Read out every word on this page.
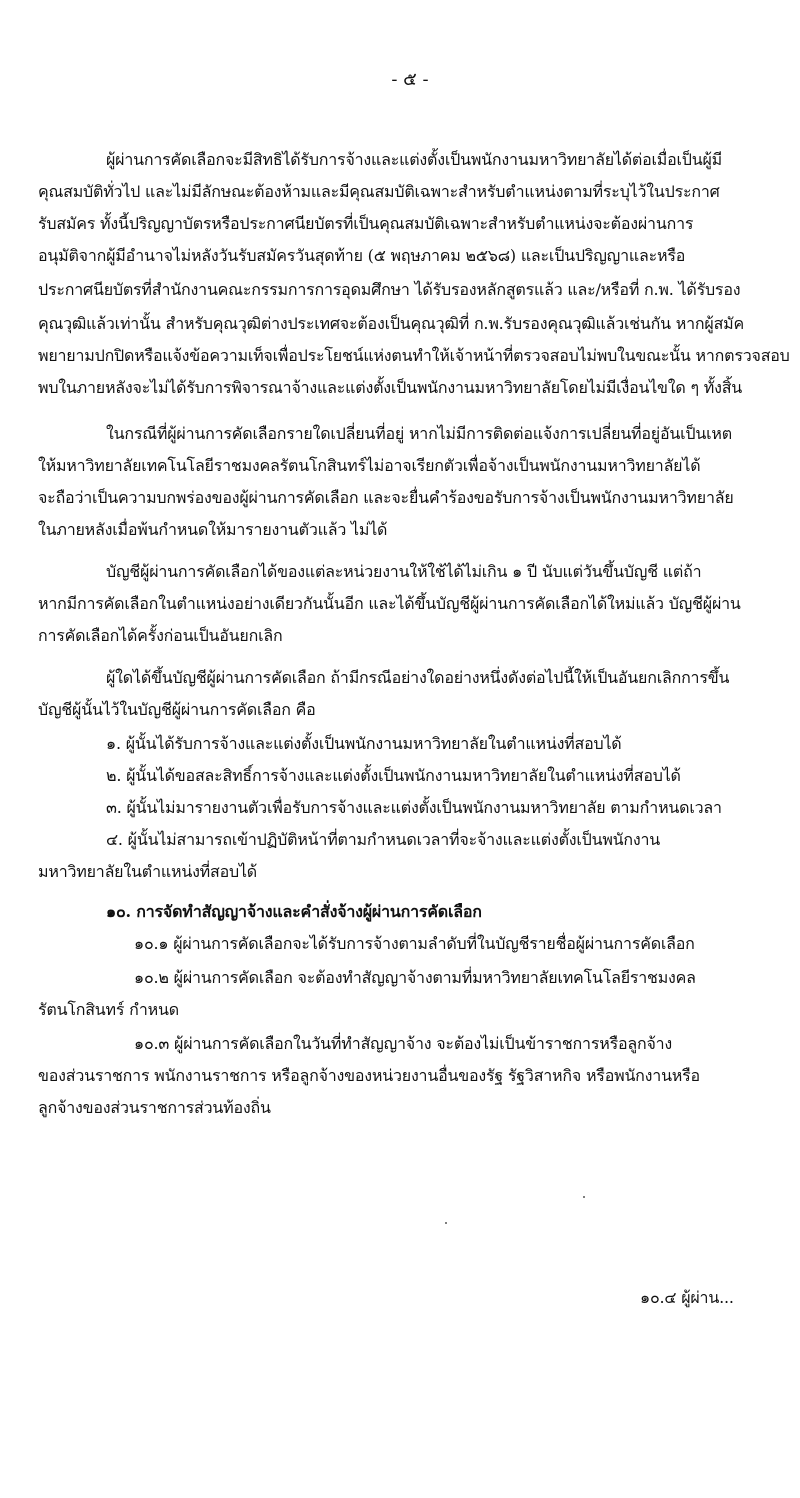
- ๕ -
ผู้ผ่านการคัดเลือกจะมีสิทธิได้รับการจ้างและแต่งตั้งเป็นพนักงานมหาวิทยาลัยได้ต่อเมื่อเป็นผู้มี
คุณสมบัติทั่วไป และไม่มีลักษณะต้องห้ามและมีคุณสมบัติเฉพาะสำหรับตำแหน่งตามที่ระบุไว้ในประกาศ
รับสมัคร ทั้งนี้ปริญญาบัตรหรือประกาศนียบัตรที่เป็นคุณสมบัติเฉพาะสำหรับตำแหน่งจะต้องผ่านการ
อนุมัติจากผู้มีอำนาจไม่หลังวันรับสมัครวันสุดท้าย (๕ พฤษภาคม ๒๕๖๘) และเป็นปริญญาและหรือ
ประกาศนียบัตรที่สำนักงานคณะกรรมการการอุดมศึกษา ได้รับรองหลักสูตรแล้ว และ/หรือที่ ก.พ. ได้รับรอง
คุณวุฒิแล้วเท่านั้น สำหรับคุณวุฒิต่างประเทศจะต้องเป็นคุณวุฒิที่ ก.พ.รับรองคุณวุฒิแล้วเช่นกัน หากผู้สมัค
พยายามปกปิดหรือแจ้งข้อความเท็จเพื่อประโยชน์แห่งตนทำให้เจ้าหน้าที่ตรวจสอบไม่พบในขณะนั้น หากตรวจสอบ
พบในภายหลังจะไม่ได้รับการพิจารณาจ้างและแต่งตั้งเป็นพนักงานมหาวิทยาลัยโดยไม่มีเงื่อนไขใด ๆ ทั้งสิ้น
ในกรณีที่ผู้ผ่านการคัดเลือกรายใดเปลี่ยนที่อยู่ หากไม่มีการติดต่อแจ้งการเปลี่ยนที่อยู่อันเป็นเหต
ให้มหาวิทยาลัยเทคโนโลยีราชมงคลรัตนโกสินทร์ไม่อาจเรียกตัวเพื่อจ้างเป็นพนักงานมหาวิทยาลัยได้
จะถือว่าเป็นความบกพร่องของผู้ผ่านการคัดเลือก และจะยื่นคำร้องขอรับการจ้างเป็นพนักงานมหาวิทยาลัย
ในภายหลังเมื่อพ้นกำหนดให้มารายงานตัวแล้ว ไม่ได้
บัญชีผู้ผ่านการคัดเลือกได้ของแต่ละหน่วยงานให้ใช้ได้ไม่เกิน ๑ ปี นับแต่วันขึ้นบัญชี แต่ถ้า
หากมีการคัดเลือกในตำแหน่งอย่างเดียวกันนั้นอีก และได้ขึ้นบัญชีผู้ผ่านการคัดเลือกได้ใหม่แล้ว บัญชีผู้ผ่าน
การคัดเลือกได้ครั้งก่อนเป็นอันยกเลิก
ผู้ใดได้ขึ้นบัญชีผู้ผ่านการคัดเลือก ถ้ามีกรณีอย่างใดอย่างหนึ่งดังต่อไปนี้ให้เป็นอันยกเลิกการขึ้น
บัญชีผู้นั้นไว้ในบัญชีผู้ผ่านการคัดเลือก คือ
๑. ผู้นั้นได้รับการจ้างและแต่งตั้งเป็นพนักงานมหาวิทยาลัยในตำแหน่งที่สอบได้
๒. ผู้นั้นได้ขอสละสิทธิ์การจ้างและแต่งตั้งเป็นพนักงานมหาวิทยาลัยในตำแหน่งที่สอบได้
๓. ผู้นั้นไม่มารายงานตัวเพื่อรับการจ้างและแต่งตั้งเป็นพนักงานมหาวิทยาลัย ตามกำหนดเวลา
๔. ผู้นั้นไม่สามารถเข้าปฏิบัติหน้าที่ตามกำหนดเวลาที่จะจ้างและแต่งตั้งเป็นพนักงาน
มหาวิทยาลัยในตำแหน่งที่สอบได้
๑๐. การจัดทำสัญญาจ้างและคำสั่งจ้างผู้ผ่านการคัดเลือก
๑๐.๑ ผู้ผ่านการคัดเลือกจะได้รับการจ้างตามลำดับที่ในบัญชีรายชื่อผู้ผ่านการคัดเลือก
๑๐.๒ ผู้ผ่านการคัดเลือก จะต้องทำสัญญาจ้างตามที่มหาวิทยาลัยเทคโนโลยีราชมงคล
รัตนโกสินทร์ กำหนด
๑๐.๓ ผู้ผ่านการคัดเลือกในวันที่ทำสัญญาจ้าง จะต้องไม่เป็นข้าราชการหรือลูกจ้าง
ของส่วนราชการ พนักงานราชการ หรือลูกจ้างของหน่วยงานอื่นของรัฐ รัฐวิสาหกิจ หรือพนักงานหรือ
ลูกจ้างของส่วนราชการส่วนท้องถิ่น
๑๐.๔ ผู้ผ่าน...
